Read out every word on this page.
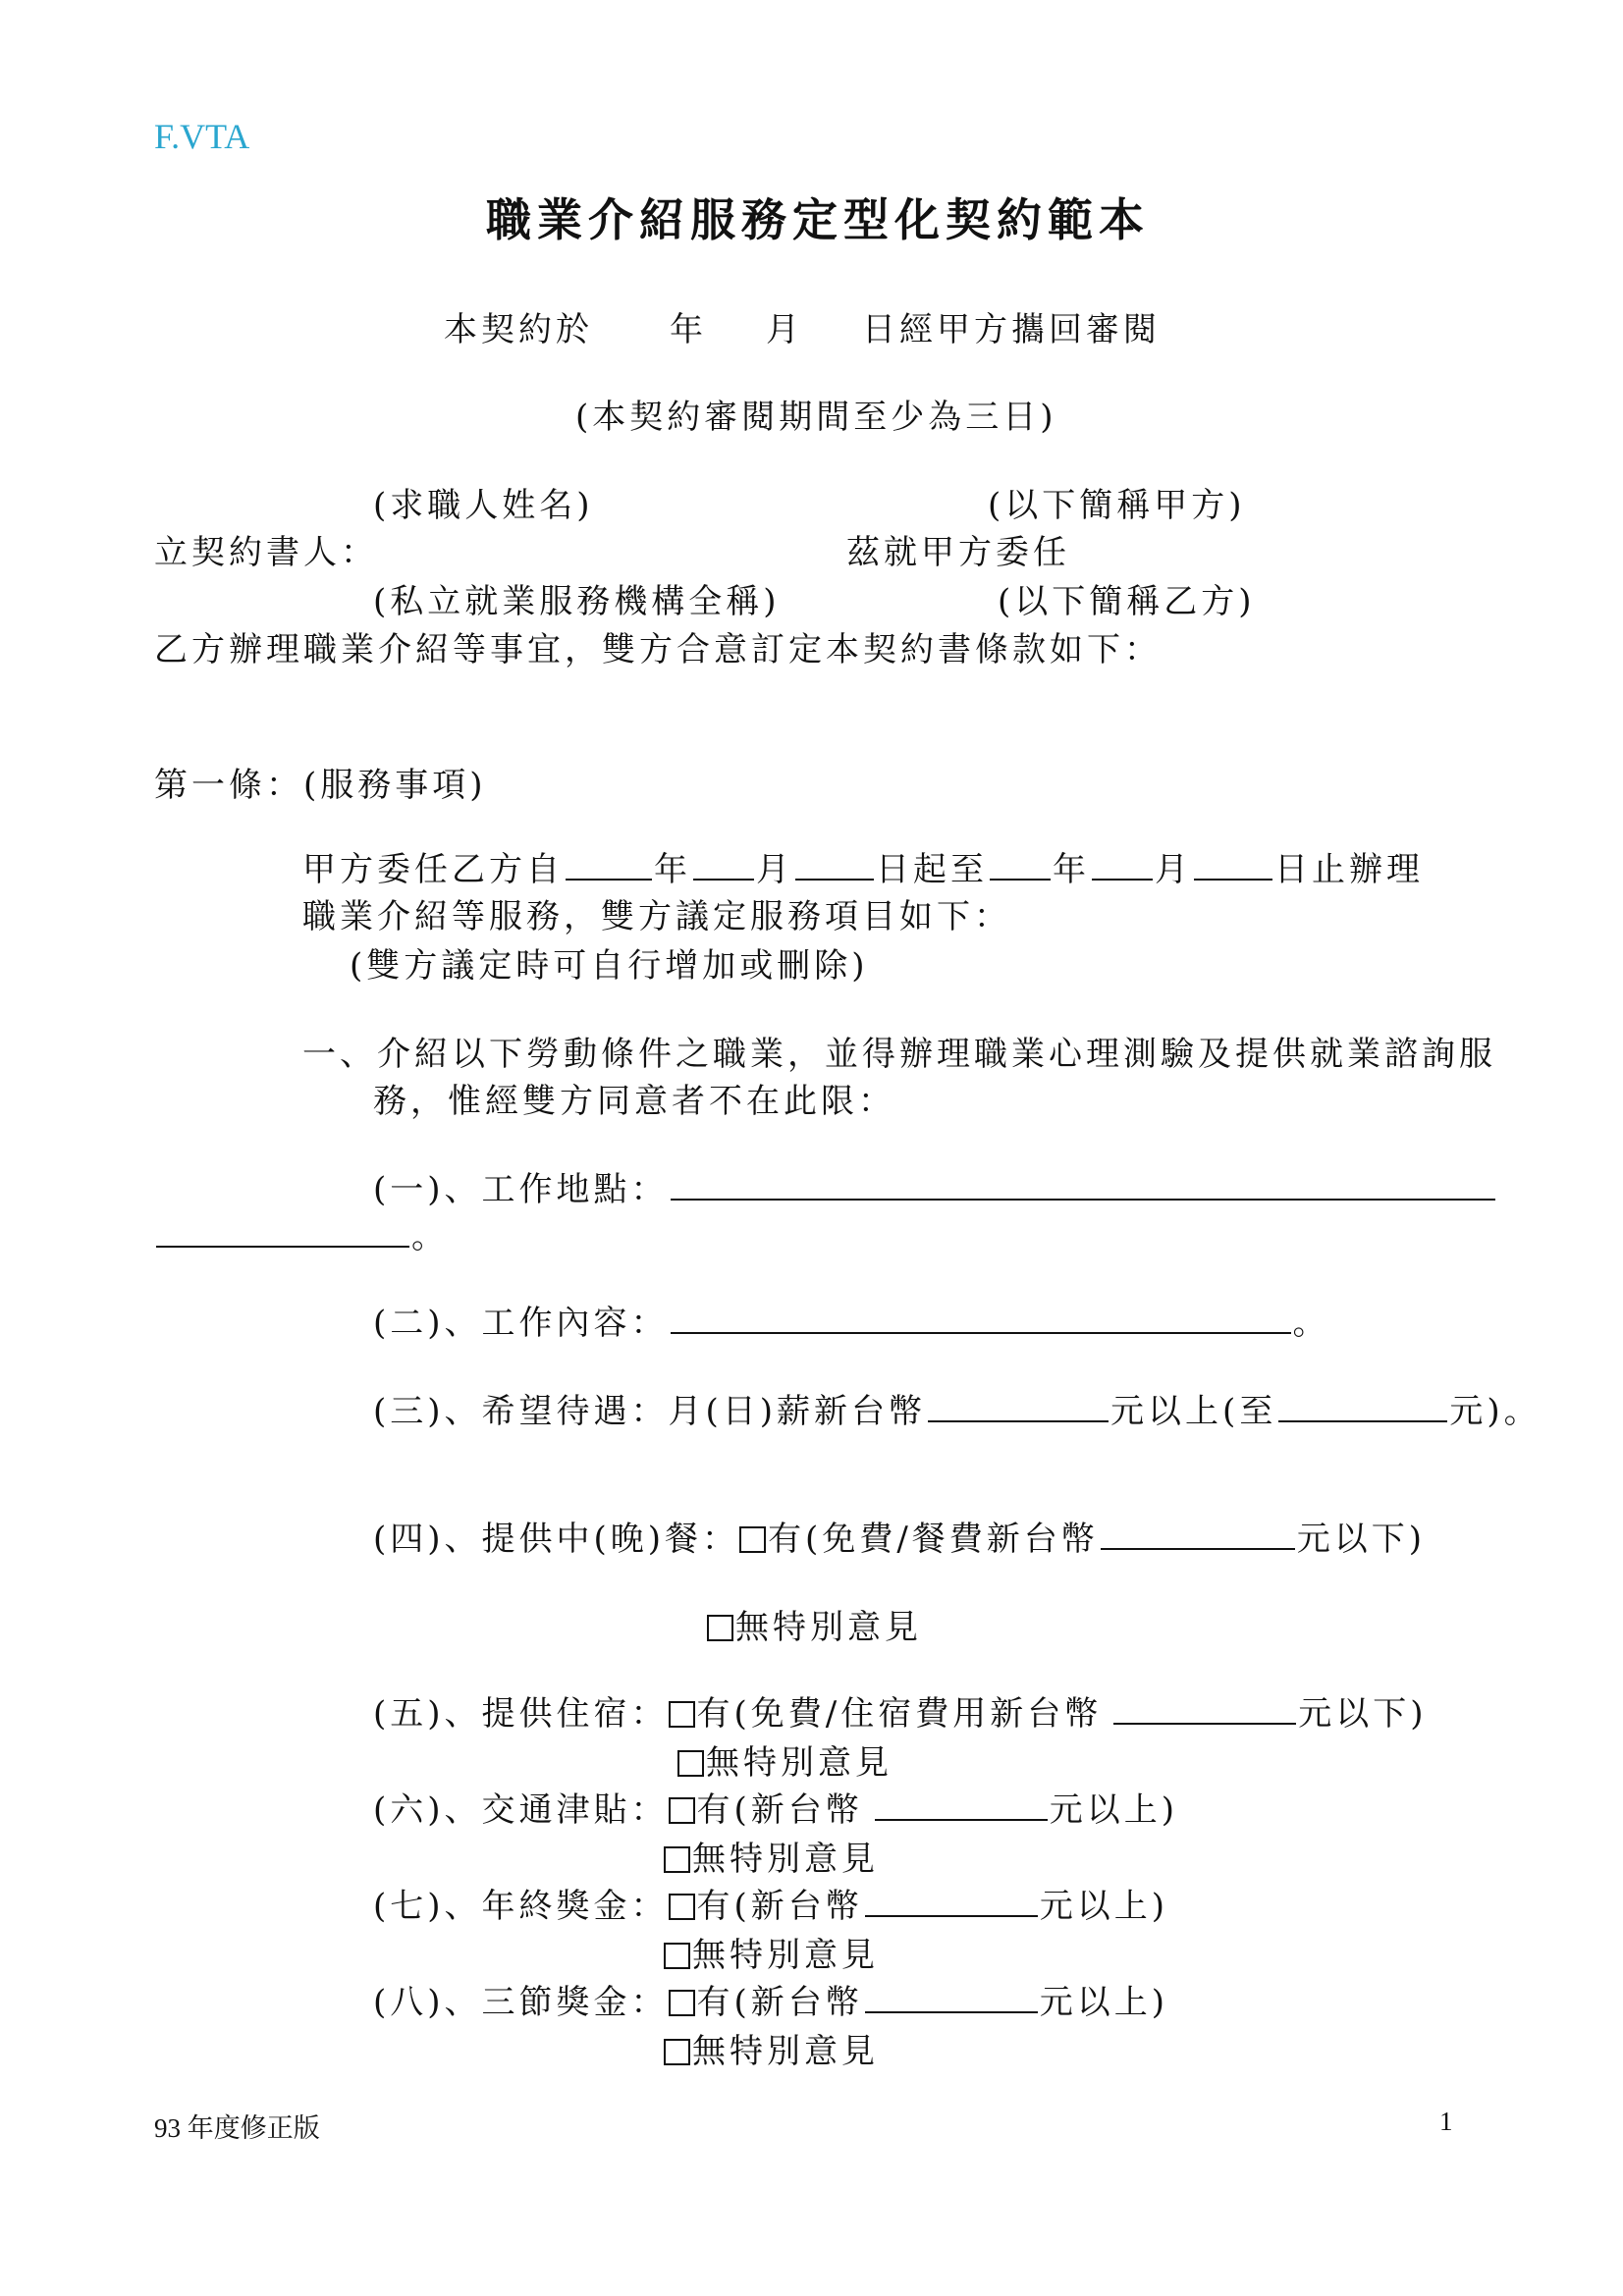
F.VTA
職業介紹服務定型化契約範本
本契約於 年 月 日經甲方攜回審閱
(本契約審閱期間至少為三日)
(求職人姓名)	(以下簡稱甲方)
立契約書人：	茲就甲方委任
(私立就業服務機構全稱)	(以下簡稱乙方)
乙方辦理職業介紹等事宜，雙方合意訂定本契約書條款如下：
第一條：(服務事項)
甲方委任乙方自	年 月 日起至 年 月 日止辦理
職業介紹等服務，雙方議定服務項目如下：
(雙方議定時可自行增加或刪除)
一、介紹以下勞動條件之職業，並得辦理職業心理測驗及提供就業諮詢服
務，惟經雙方同意者不在此限：
(一)、工作地點：
。
(二)、工作內容：	。
(三)、希望待遇：月(日)薪新台幣	元以上(至	元)。
(四)、提供中(晚)餐： 有(免費/餐費新台幣	元以下)
無特別意見
(五)、提供住宿： 有(免費/住宿費用新台幣	元以下)
無特別意見
(六)、交通津貼： 有(新台幣	元以上)
無特別意見
(七)、年終獎金： 有(新台幣	元以上)
無特別意見
(八)、三節獎金： 有(新台幣	元以上)
無特別意見
93 年度修正版	1
